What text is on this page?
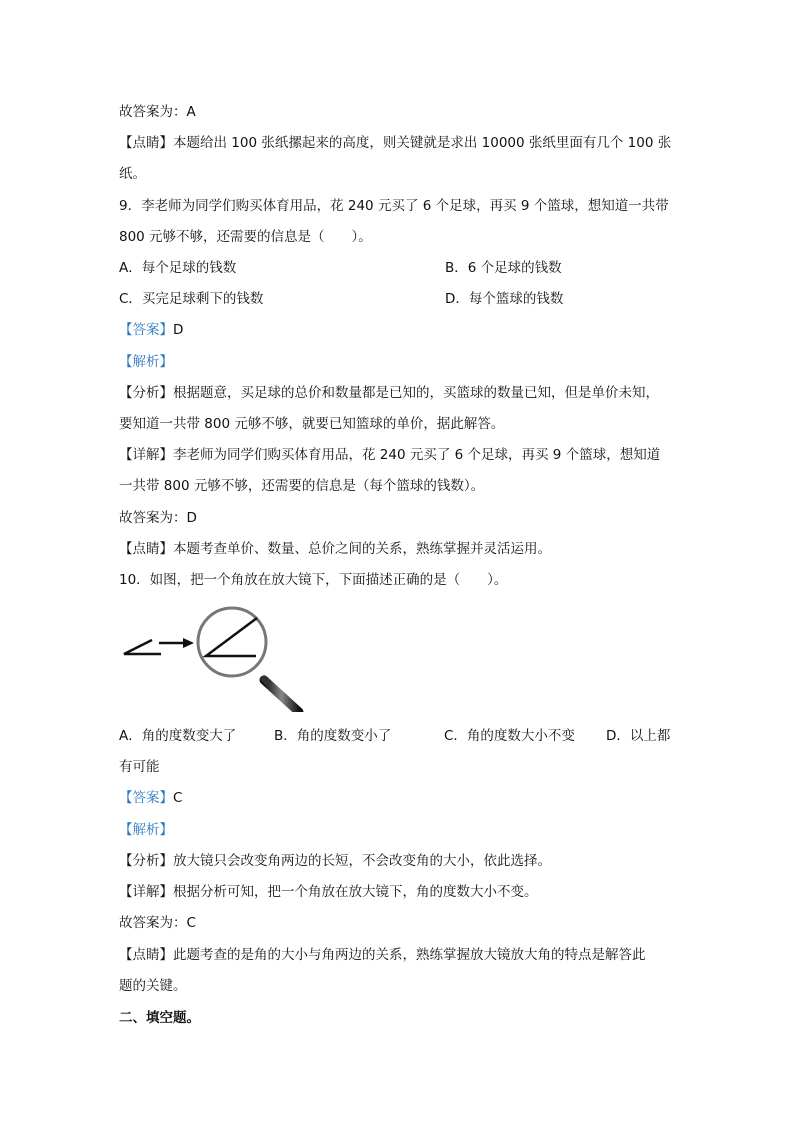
故答案为：A
【点睛】本题给出 100 张纸摞起来的高度，则关键就是求出 10000 张纸里面有几个 100 张
纸。
9．李老师为同学们购买体育用品，花 240 元买了 6 个足球，再买 9 个篮球，想知道一共带
800 元够不够，还需要的信息是（　　）。
A．每个足球的钱数	B．6 个足球的钱数
C．买完足球剩下的钱数	D．每个篮球的钱数
【答案】D
【解析】
【分析】根据题意，买足球的总价和数量都是已知的，买篮球的数量已知，但是单价未知，
要知道一共带 800 元够不够，就要已知篮球的单价，据此解答。
【详解】李老师为同学们购买体育用品，花 240 元买了 6 个足球，再买 9 个篮球，想知道
一共带 800 元够不够，还需要的信息是（每个篮球的钱数）。
故答案为：D
【点睛】本题考查单价、数量、总价之间的关系，熟练掌握并灵活运用。
10．如图，把一个角放在放大镜下，下面描述正确的是（　　）。
A．角的度数变大了	B．角的度数变小了	C．角的度数大小不变 D．以上都
有可能
【答案】C
【解析】
【分析】放大镜只会改变角两边的长短，不会改变角的大小，依此选择。
【详解】根据分析可知，把一个角放在放大镜下，角的度数大小不变。
故答案为：C
【点睛】此题考查的是角的大小与角两边的关系，熟练掌握放大镜放大角的特点是解答此
题的关键。
二、填空题。
